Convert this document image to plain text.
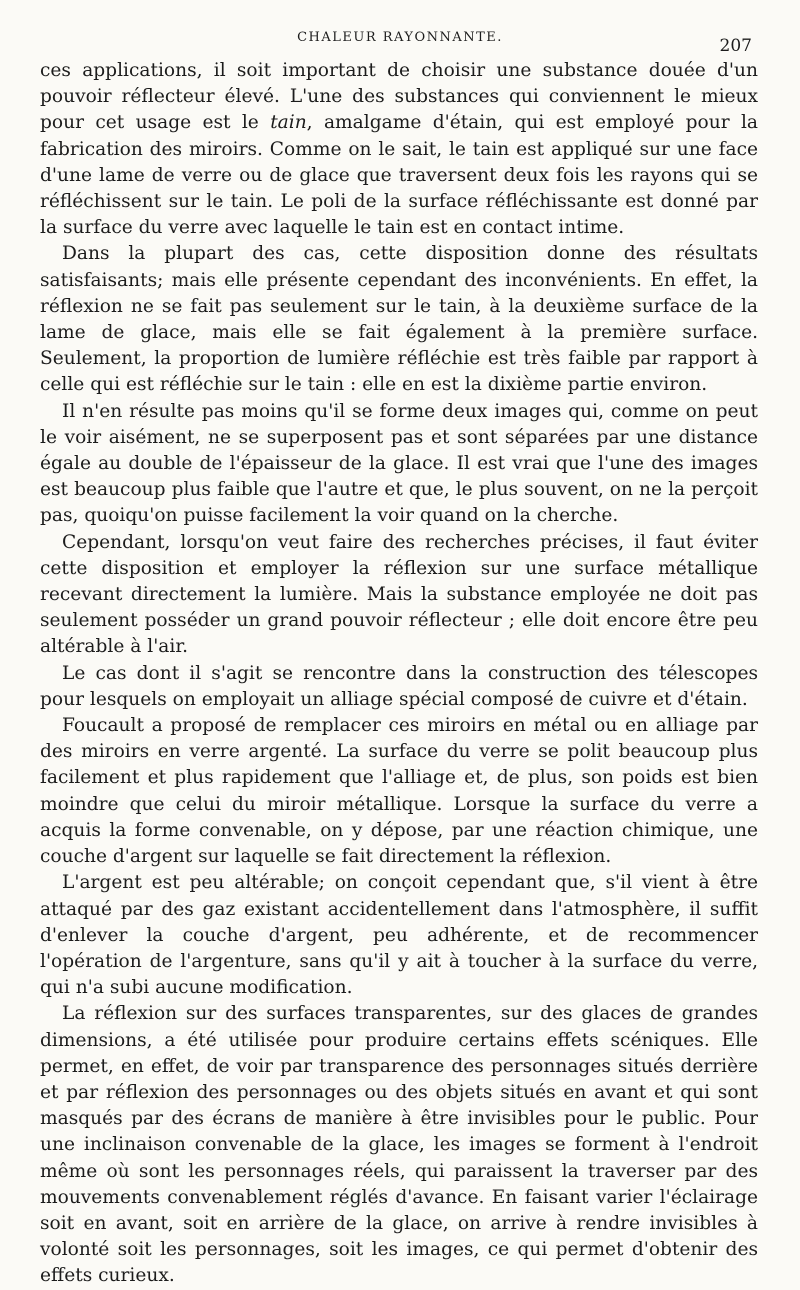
CHALEUR RAYONNANTE.	207

ces applications, il soit important de choisir une substance douée d'un pouvoir réflecteur élevé. L'une des substances qui conviennent le mieux pour cet usage est le tain, amalgame d'étain, qui est employé pour la fabrication des miroirs. Comme on le sait, le tain est appliqué sur une face d'une lame de verre ou de glace que traversent deux fois les rayons qui se réfléchissent sur le tain. Le poli de la surface réfléchissante est donné par la surface du verre avec laquelle le tain est en contact intime.

Dans la plupart des cas, cette disposition donne des résultats satisfaisants; mais elle présente cependant des inconvénients. En effet, la réflexion ne se fait pas seulement sur le tain, à la deuxième surface de la lame de glace, mais elle se fait également à la première surface. Seulement, la proportion de lumière réfléchie est très faible par rapport à celle qui est réfléchie sur le tain : elle en est la dixième partie environ.

Il n'en résulte pas moins qu'il se forme deux images qui, comme on peut le voir aisément, ne se superposent pas et sont séparées par une distance égale au double de l'épaisseur de la glace. Il est vrai que l'une des images est beaucoup plus faible que l'autre et que, le plus souvent, on ne la perçoit pas, quoiqu'on puisse facilement la voir quand on la cherche.

Cependant, lorsqu'on veut faire des recherches précises, il faut éviter cette disposition et employer la réflexion sur une surface métallique recevant directement la lumière. Mais la substance employée ne doit pas seulement posséder un grand pouvoir réflecteur ; elle doit encore être peu altérable à l'air.

Le cas dont il s'agit se rencontre dans la construction des télescopes pour lesquels on employait un alliage spécial composé de cuivre et d'étain.

Foucault a proposé de remplacer ces miroirs en métal ou en alliage par des miroirs en verre argenté. La surface du verre se polit beaucoup plus facilement et plus rapidement que l'alliage et, de plus, son poids est bien moindre que celui du miroir métallique. Lorsque la surface du verre a acquis la forme convenable, on y dépose, par une réaction chimique, une couche d'argent sur laquelle se fait directement la réflexion.

L'argent est peu altérable; on conçoit cependant que, s'il vient à être attaqué par des gaz existant accidentellement dans l'atmosphère, il suffit d'enlever la couche d'argent, peu adhérente, et de recommencer l'opération de l'argenture, sans qu'il y ait à toucher à la surface du verre, qui n'a subi aucune modification.

La réflexion sur des surfaces transparentes, sur des glaces de grandes dimensions, a été utilisée pour produire certains effets scéniques. Elle permet, en effet, de voir par transparence des personnages situés derrière et par réflexion des personnages ou des objets situés en avant et qui sont masqués par des écrans de manière à être invisibles pour le public. Pour une inclinaison convenable de la glace, les images se forment à l'endroit même où sont les personnages réels, qui paraissent la traverser par des mouvements convenablement réglés d'avance. En faisant varier l'éclairage soit en avant, soit en arrière de la glace, on arrive à rendre invisibles à volonté soit les personnages, soit les images, ce qui permet d'obtenir des effets curieux.
